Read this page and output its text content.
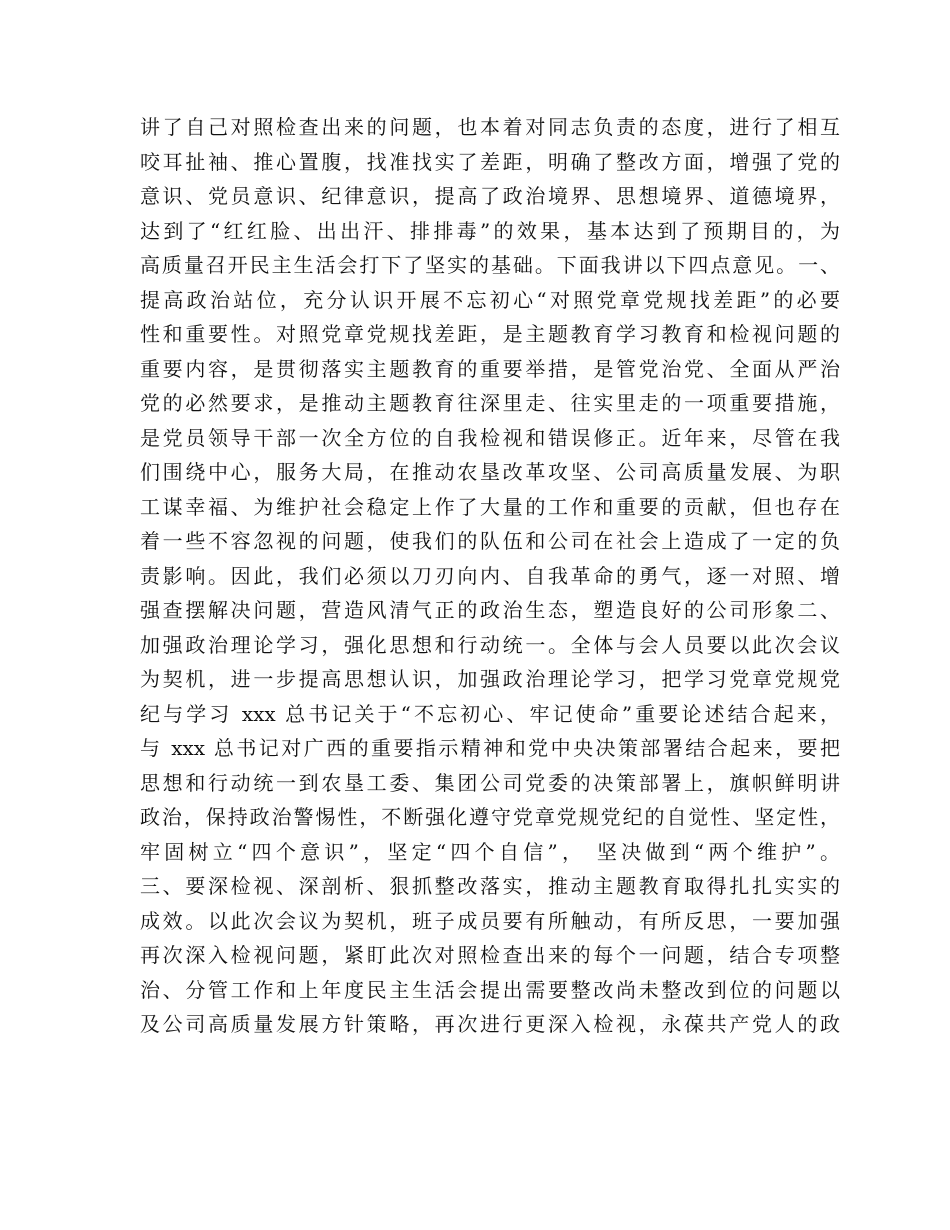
讲了自己对照检查出来的问题，也本着对同志负责的态度，进行了相互
咬耳扯袖、推心置腹，找准找实了差距，明确了整改方面，增强了党的
意识、党员意识、纪律意识，提高了政治境界、思想境界、道德境界，
达到了“红红脸、出出汗、排排毒”的效果，基本达到了预期目的，为
高质量召开民主生活会打下了坚实的基础。下面我讲以下四点意见。一、
提高政治站位，充分认识开展不忘初心“对照党章党规找差距”的必要
性和重要性。对照党章党规找差距，是主题教育学习教育和检视问题的
重要内容，是贯彻落实主题教育的重要举措，是管党治党、全面从严治
党的必然要求，是推动主题教育往深里走、往实里走的一项重要措施，
是党员领导干部一次全方位的自我检视和错误修正。近年来，尽管在我
们围绕中心，服务大局，在推动农垦改革攻坚、公司高质量发展、为职
工谋幸福、为维护社会稳定上作了大量的工作和重要的贡献，但也存在
着一些不容忽视的问题，使我们的队伍和公司在社会上造成了一定的负
责影响。因此，我们必须以刀刃向内、自我革命的勇气，逐一对照、增
强查摆解决问题，营造风清气正的政治生态，塑造良好的公司形象二、
加强政治理论学习，强化思想和行动统一。全体与会人员要以此次会议
为契机，进一步提高思想认识，加强政治理论学习，把学习党章党规党
纪与学习 xxx 总书记关于“不忘初心、牢记使命”重要论述结合起来，
与 xxx 总书记对广西的重要指示精神和党中央决策部署结合起来，要把
思想和行动统一到农垦工委、集团公司党委的决策部署上，旗帜鲜明讲
政治，保持政治警惕性，不断强化遵守党章党规党纪的自觉性、坚定性，
牢固树立“四个意识”，坚定“四个自信”， 坚决做到“两个维护”。
三、要深检视、深剖析、狠抓整改落实，推动主题教育取得扎扎实实的
成效。以此次会议为契机，班子成员要有所触动，有所反思，一要加强
再次深入检视问题，紧盯此次对照检查出来的每个一问题，结合专项整
治、分管工作和上年度民主生活会提出需要整改尚未整改到位的问题以
及公司高质量发展方针策略，再次进行更深入检视，永葆共产党人的政
